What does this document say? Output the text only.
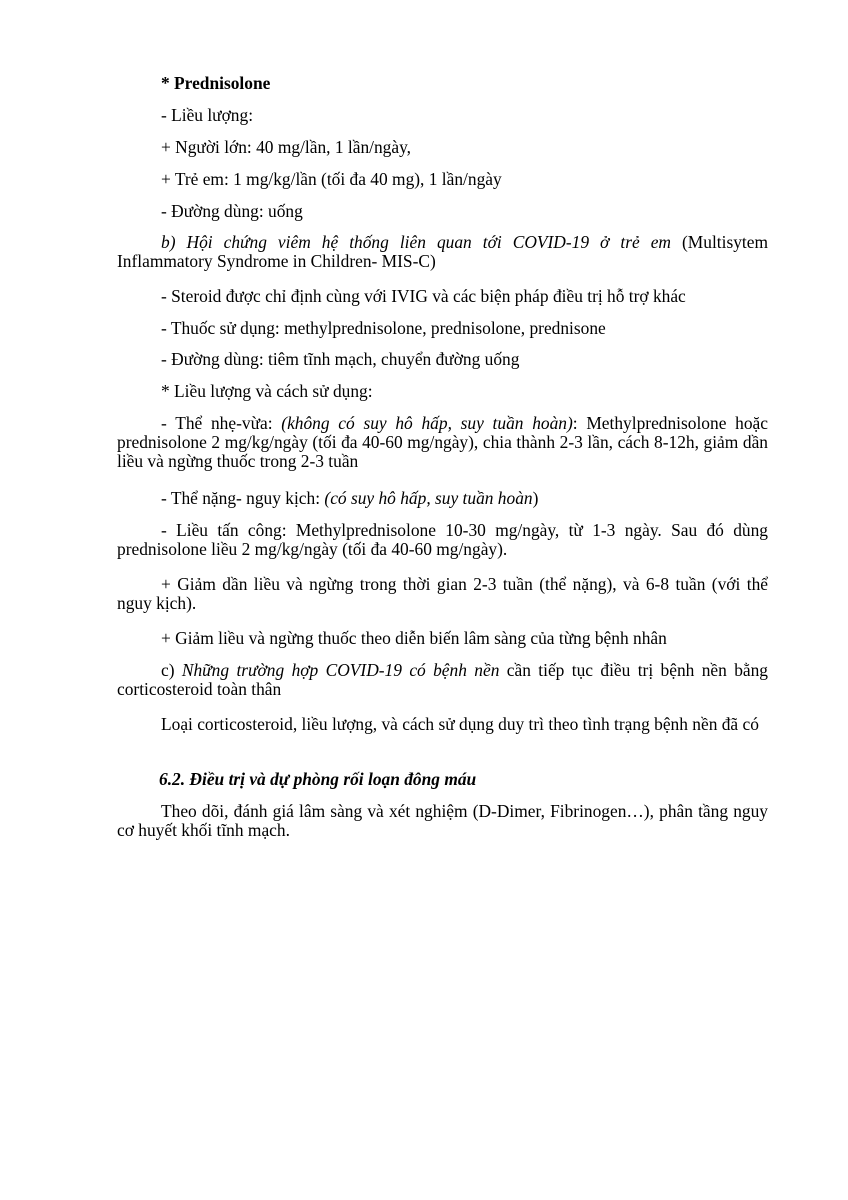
* Prednisolone

- Liều lượng:

+ Người lớn: 40 mg/lần, 1 lần/ngày,

+ Trẻ em: 1 mg/kg/lần (tối đa 40 mg), 1 lần/ngày

- Đường dùng: uống

b) Hội chứng viêm hệ thống liên quan tới COVID-19 ở trẻ em (Multisytem Inflammatory Syndrome in Children- MIS-C)

- Steroid được chỉ định cùng với IVIG và các biện pháp điều trị hỗ trợ khác

- Thuốc sử dụng: methylprednisolone, prednisolone, prednisone

- Đường dùng: tiêm tĩnh mạch, chuyển đường uống

* Liều lượng và cách sử dụng:

- Thể nhẹ-vừa: (không có suy hô hấp, suy tuần hoàn): Methylprednisolone hoặc prednisolone 2 mg/kg/ngày (tối đa 40-60 mg/ngày), chia thành 2-3 lần, cách 8-12h, giảm dần liều và ngừng thuốc trong 2-3 tuần

- Thể nặng- nguy kịch: (có suy hô hấp, suy tuần hoàn)

- Liều tấn công: Methylprednisolone 10-30 mg/ngày, từ 1-3 ngày. Sau đó dùng prednisolone liều 2 mg/kg/ngày (tối đa 40-60 mg/ngày).

+ Giảm dần liều và ngừng trong thời gian 2-3 tuần (thể nặng), và 6-8 tuần (với thể nguy kịch).

+ Giảm liều và ngừng thuốc theo diễn biến lâm sàng của từng bệnh nhân

c) Những trường hợp COVID-19 có bệnh nền cần tiếp tục điều trị bệnh nền bằng corticosteroid toàn thân

Loại corticosteroid, liều lượng, và cách sử dụng duy trì theo tình trạng bệnh nền đã có

6.2. Điều trị và dự phòng rối loạn đông máu

Theo dõi, đánh giá lâm sàng và xét nghiệm (D-Dimer, Fibrinogen…), phân tầng nguy cơ huyết khối tĩnh mạch.
